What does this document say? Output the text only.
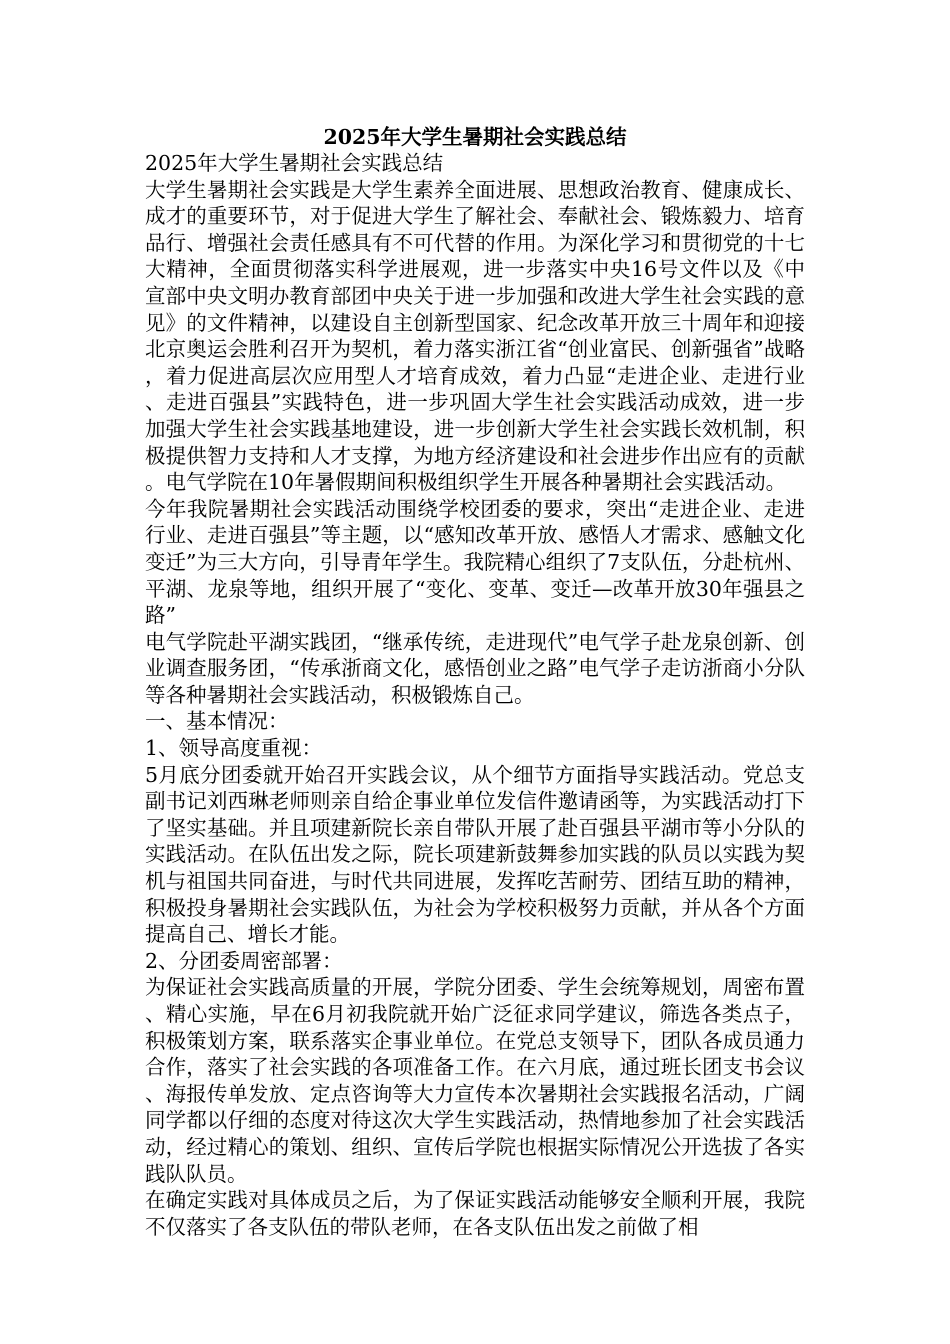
2025年大学生暑期社会实践总结

2025年大学生暑期社会实践总结

大学生暑期社会实践是大学生素养全面进展、思想政治教育、健康成长、成才的重要环节，对于促进大学生了解社会、奉献社会、锻炼毅力、培育品行、增强社会责任感具有不可代替的作用。为深化学习和贯彻党的十七大精神，全面贯彻落实科学进展观，进一步落实中央16号文件以及《中宣部中央文明办教育部团中央关于进一步加强和改进大学生社会实践的意见》的文件精神，以建设自主创新型国家、纪念改革开放三十周年和迎接北京奥运会胜利召开为契机，着力落实浙江省“创业富民、创新强省”战略，着力促进高层次应用型人才培育成效，着力凸显“走进企业、走进行业、走进百强县”实践特色，进一步巩固大学生社会实践活动成效，进一步加强大学生社会实践基地建设，进一步创新大学生社会实践长效机制，积极提供智力支持和人才支撑，为地方经济建设和社会进步作出应有的贡献。电气学院在10年暑假期间积极组织学生开展各种暑期社会实践活动。

今年我院暑期社会实践活动围绕学校团委的要求，突出“走进企业、走进行业、走进百强县”等主题，以“感知改革开放、感悟人才需求、感触文化变迁”为三大方向，引导青年学生。我院精心组织了7支队伍，分赴杭州、平湖、龙泉等地，组织开展了“变化、变革、变迁—改革开放30年强县之路”

电气学院赴平湖实践团，“继承传统，走进现代”电气学子赴龙泉创新、创业调查服务团，“传承浙商文化，感悟创业之路”电气学子走访浙商小分队等各种暑期社会实践活动，积极锻炼自己。

一、基本情况：

1、领导高度重视：

5月底分团委就开始召开实践会议，从个细节方面指导实践活动。党总支副书记刘西琳老师则亲自给企事业单位发信件邀请函等，为实践活动打下了坚实基础。并且项建新院长亲自带队开展了赴百强县平湖市等小分队的实践活动。在队伍出发之际，院长项建新鼓舞参加实践的队员以实践为契机与祖国共同奋进，与时代共同进展，发挥吃苦耐劳、团结互助的精神，积极投身暑期社会实践队伍，为社会为学校积极努力贡献，并从各个方面提高自己、增长才能。

2、分团委周密部署：

为保证社会实践高质量的开展，学院分团委、学生会统筹规划，周密布置、精心实施，早在6月初我院就开始广泛征求同学建议，筛选各类点子，积极策划方案，联系落实企事业单位。在党总支领导下，团队各成员通力合作，落实了社会实践的各项准备工作。在六月底，通过班长团支书会议、海报传单发放、定点咨询等大力宣传本次暑期社会实践报名活动，广阔同学都以仔细的态度对待这次大学生实践活动，热情地参加了社会实践活动，经过精心的策划、组织、宣传后学院也根据实际情况公开选拔了各实践队队员。

在确定实践对具体成员之后，为了保证实践活动能够安全顺利开展，我院不仅落实了各支队伍的带队老师，在各支队伍出发之前做了相
